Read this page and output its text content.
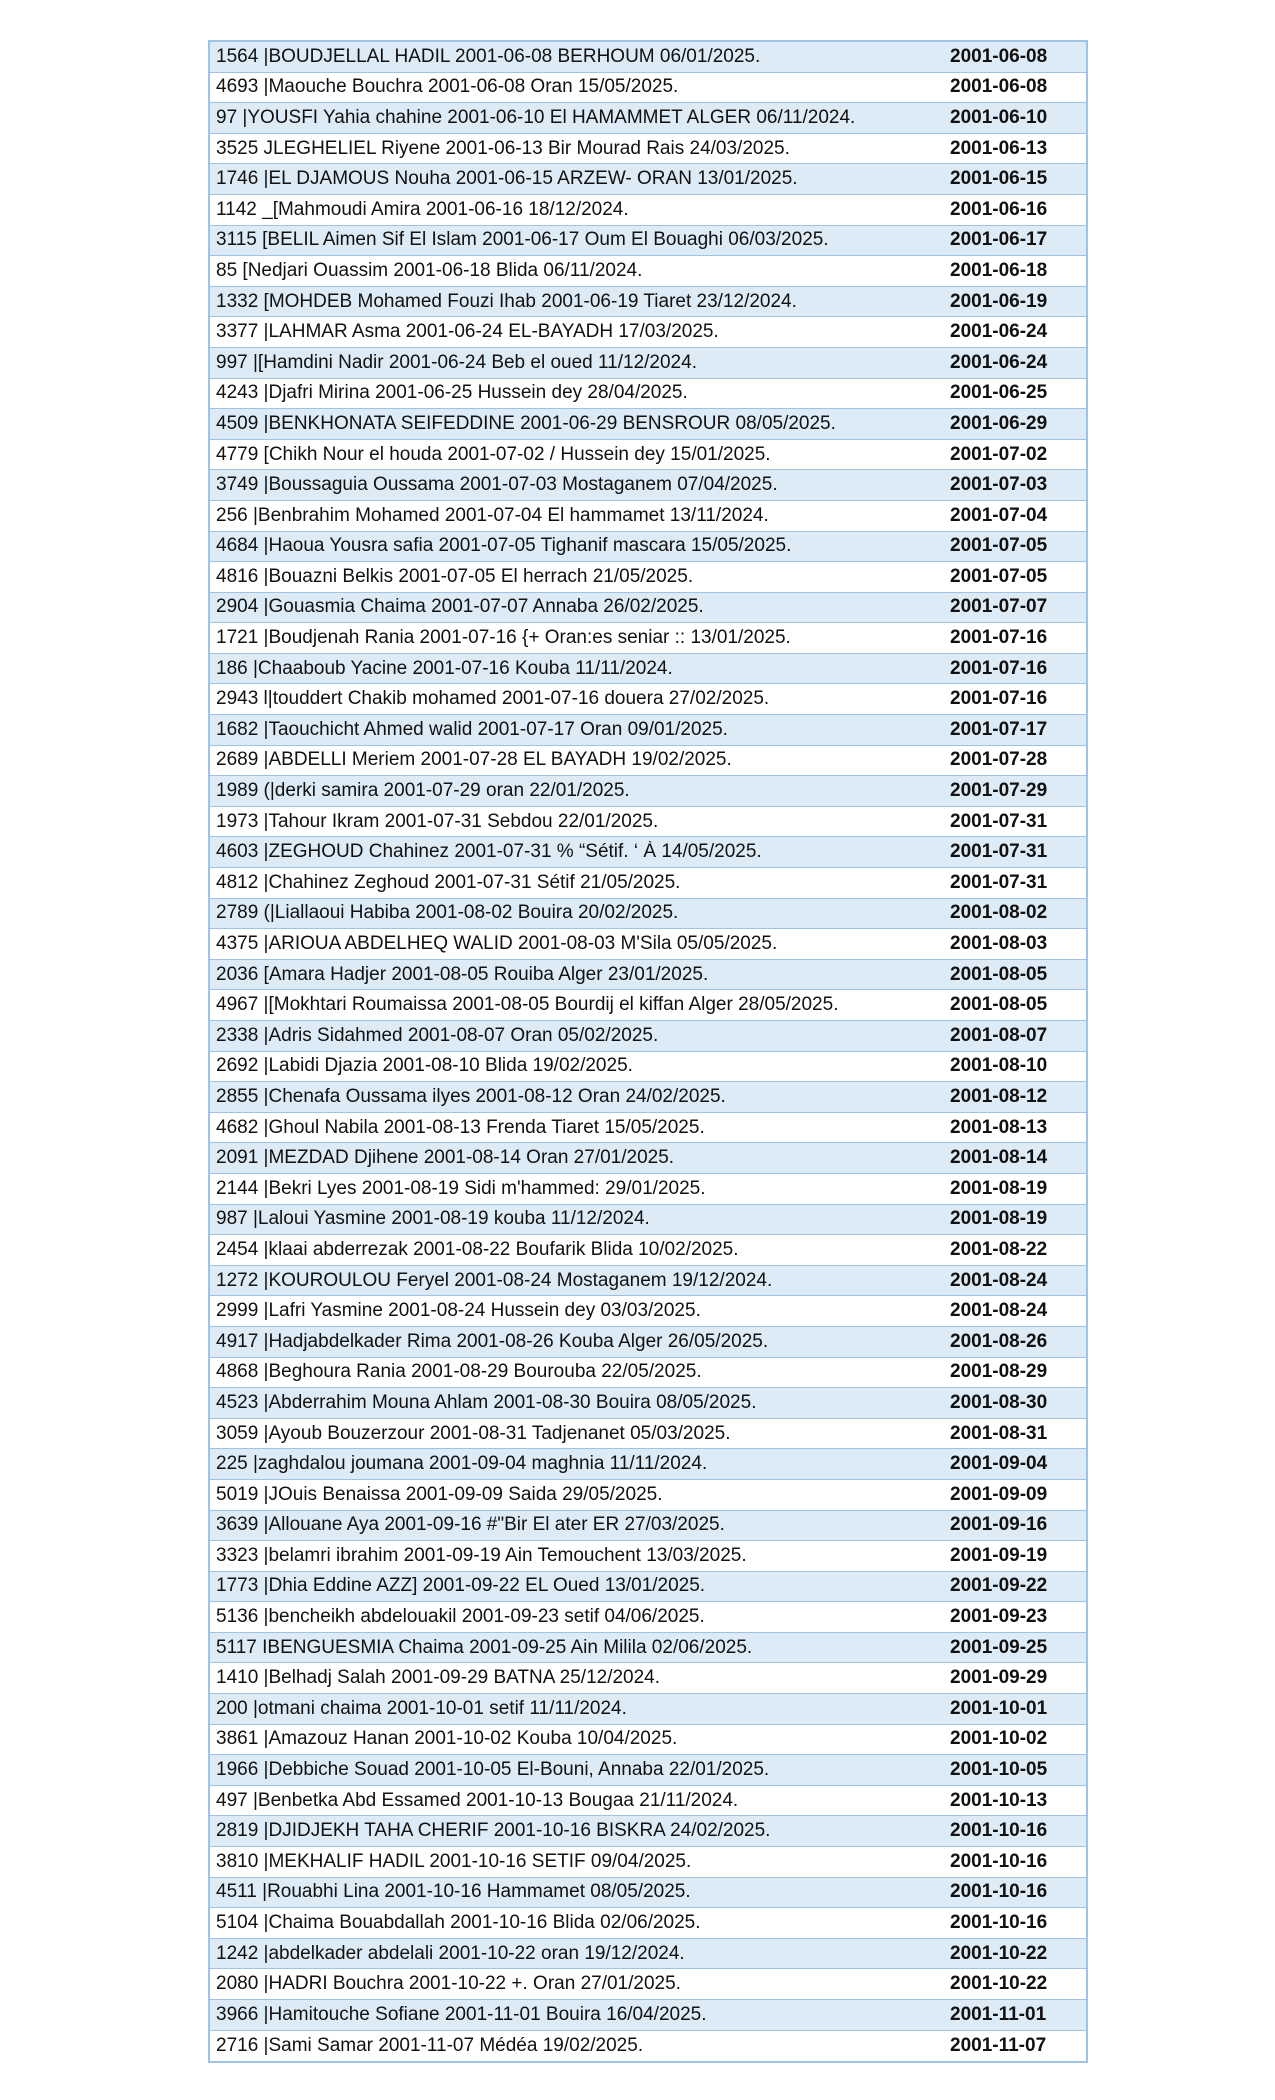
1564 |BOUDJELLAL HADIL 2001-06-08 BERHOUM 06/01/2025.	2001-06-08
4693 |Maouche Bouchra 2001-06-08 Oran 15/05/2025.	2001-06-08
97 |YOUSFI Yahia chahine 2001-06-10 El HAMAMMET ALGER 06/11/2024.	2001-06-10
3525 JLEGHELIEL Riyene 2001-06-13 Bir Mourad Rais 24/03/2025.	2001-06-13
1746 |EL DJAMOUS Nouha 2001-06-15 ARZEW- ORAN 13/01/2025.	2001-06-15
1142 _[Mahmoudi Amira 2001-06-16 18/12/2024.	2001-06-16
3115 [BELIL Aimen Sif El Islam 2001-06-17 Oum El Bouaghi 06/03/2025.	2001-06-17
85 [Nedjari Ouassim 2001-06-18 Blida 06/11/2024.	2001-06-18
1332 [MOHDEB Mohamed Fouzi Ihab 2001-06-19 Tiaret 23/12/2024.	2001-06-19
3377 |LAHMAR Asma 2001-06-24 EL-BAYADH 17/03/2025.	2001-06-24
997 |[Hamdini Nadir 2001-06-24 Beb el oued 11/12/2024.	2001-06-24
4243 |Djafri Mirina 2001-06-25 Hussein dey 28/04/2025.	2001-06-25
4509 |BENKHONATA SEIFEDDINE 2001-06-29 BENSROUR 08/05/2025.	2001-06-29
4779 [Chikh Nour el houda 2001-07-02 / Hussein dey 15/01/2025.	2001-07-02
3749 |Boussaguia Oussama 2001-07-03 Mostaganem 07/04/2025.	2001-07-03
256 |Benbrahim Mohamed 2001-07-04 El hammamet 13/11/2024.	2001-07-04
4684 |Haoua Yousra safia 2001-07-05 Tighanif mascara 15/05/2025.	2001-07-05
4816 |Bouazni Belkis 2001-07-05 El herrach 21/05/2025.	2001-07-05
2904 |Gouasmia Chaima 2001-07-07 Annaba 26/02/2025.	2001-07-07
1721 |Boudjenah Rania 2001-07-16 {+ Oran:es seniar :: 13/01/2025.	2001-07-16
186 |Chaaboub Yacine 2001-07-16 Kouba 11/11/2024.	2001-07-16
2943 l|touddert Chakib mohamed 2001-07-16 douera 27/02/2025.	2001-07-16
1682 |Taouchicht Ahmed walid 2001-07-17 Oran 09/01/2025.	2001-07-17
2689 |ABDELLI Meriem 2001-07-28 EL BAYADH 19/02/2025.	2001-07-28
1989 (|derki samira 2001-07-29 oran 22/01/2025.	2001-07-29
1973 |Tahour Ikram 2001-07-31 Sebdou 22/01/2025.	2001-07-31
4603 |ZEGHOUD Chahinez 2001-07-31 % “Sétif. ‘ À 14/05/2025.	2001-07-31
4812 |Chahinez Zeghoud 2001-07-31 Sétif 21/05/2025.	2001-07-31
2789 (|Liallaoui Habiba 2001-08-02 Bouira 20/02/2025.	2001-08-02
4375 |ARIOUA ABDELHEQ WALID 2001-08-03 M'Sila 05/05/2025.	2001-08-03
2036 [Amara Hadjer 2001-08-05 Rouiba Alger 23/01/2025.	2001-08-05
4967 |[Mokhtari Roumaissa 2001-08-05 Bourdij el kiffan Alger 28/05/2025.	2001-08-05
2338 |Adris Sidahmed 2001-08-07 Oran 05/02/2025.	2001-08-07
2692 |Labidi Djazia 2001-08-10 Blida 19/02/2025.	2001-08-10
2855 |Chenafa Oussama ilyes 2001-08-12 Oran 24/02/2025.	2001-08-12
4682 |Ghoul Nabila 2001-08-13 Frenda Tiaret 15/05/2025.	2001-08-13
2091 |MEZDAD Djihene 2001-08-14 Oran 27/01/2025.	2001-08-14
2144 |Bekri Lyes 2001-08-19 Sidi m'hammed: 29/01/2025.	2001-08-19
987 |Laloui Yasmine 2001-08-19 kouba 11/12/2024.	2001-08-19
2454 |klaai abderrezak 2001-08-22 Boufarik Blida 10/02/2025.	2001-08-22
1272 |KOUROULOU Feryel 2001-08-24 Mostaganem 19/12/2024.	2001-08-24
2999 |Lafri Yasmine 2001-08-24 Hussein dey 03/03/2025.	2001-08-24
4917 |Hadjabdelkader Rima 2001-08-26 Kouba Alger 26/05/2025.	2001-08-26
4868 |Beghoura Rania 2001-08-29 Bourouba 22/05/2025.	2001-08-29
4523 |Abderrahim Mouna Ahlam 2001-08-30 Bouira 08/05/2025.	2001-08-30
3059 |Ayoub Bouzerzour 2001-08-31 Tadjenanet 05/03/2025.	2001-08-31
225 |zaghdalou joumana 2001-09-04 maghnia 11/11/2024.	2001-09-04
5019 |JOuis Benaissa 2001-09-09 Saida 29/05/2025.	2001-09-09
3639 |Allouane Aya 2001-09-16 #"Bir El ater ER 27/03/2025.	2001-09-16
3323 |belamri ibrahim 2001-09-19 Ain Temouchent 13/03/2025.	2001-09-19
1773 |Dhia Eddine AZZ] 2001-09-22 EL Oued 13/01/2025.	2001-09-22
5136 |bencheikh abdelouakil 2001-09-23 setif 04/06/2025.	2001-09-23
5117 IBENGUESMIA Chaima 2001-09-25 Ain Milila 02/06/2025.	2001-09-25
1410 |Belhadj Salah 2001-09-29 BATNA 25/12/2024.	2001-09-29
200 |otmani chaima 2001-10-01 setif 11/11/2024.	2001-10-01
3861 |Amazouz Hanan 2001-10-02 Kouba 10/04/2025.	2001-10-02
1966 |Debbiche Souad 2001-10-05 El-Bouni, Annaba 22/01/2025.	2001-10-05
497 |Benbetka Abd Essamed 2001-10-13 Bougaa 21/11/2024.	2001-10-13
2819 |DJIDJEKH TAHA CHERIF 2001-10-16 BISKRA 24/02/2025.	2001-10-16
3810 |MEKHALIF HADIL 2001-10-16 SETIF 09/04/2025.	2001-10-16
4511 |Rouabhi Lina 2001-10-16 Hammamet 08/05/2025.	2001-10-16
5104 |Chaima Bouabdallah 2001-10-16 Blida 02/06/2025.	2001-10-16
1242 |abdelkader abdelali 2001-10-22 oran 19/12/2024.	2001-10-22
2080 |HADRI Bouchra 2001-10-22 +. Oran 27/01/2025.	2001-10-22
3966 |Hamitouche Sofiane 2001-11-01 Bouira 16/04/2025.	2001-11-01
2716 |Sami Samar 2001-11-07 Médéa 19/02/2025.	2001-11-07
